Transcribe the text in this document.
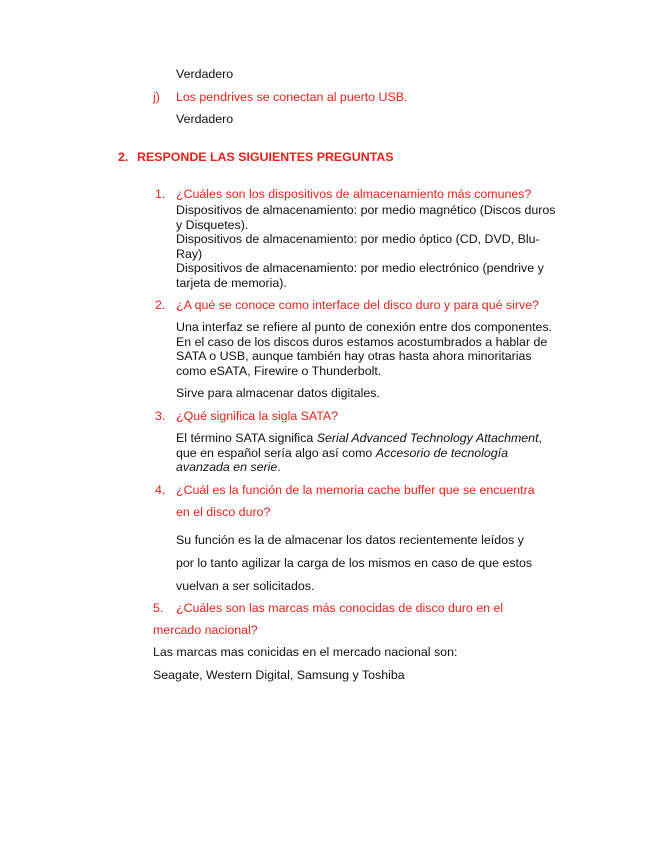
Verdadero
j) Los pendrives se conectan al puerto USB.
Verdadero
2. RESPONDE LAS SIGUIENTES PREGUNTAS
1. ¿Cuáles son los dispositivos de almacenamiento más comunes?
Dispositivos de almacenamiento: por medio magnético (Discos duros
y Disquetes).
Dispositivos de almacenamiento: por medio óptico (CD, DVD, Blu-
Ray)
Dispositivos de almacenamiento: por medio electrónico (pendrive y
tarjeta de memoria).
2. ¿A qué se conoce como interface del disco duro y para qué sirve?
Una interfaz se refiere al punto de conexión entre dos componentes.
En el caso de los discos duros estamos acostumbrados a hablar de
SATA o USB, aunque también hay otras hasta ahora minoritarias
como eSATA, Firewire o Thunderbolt.
Sirve para almacenar datos digitales.
3. ¿Qué significa la sigla SATA?
El término SATA significa Serial Advanced Technology Attachment,
que en español sería algo así como Accesorio de tecnología
avanzada en serie.
4. ¿Cuál es la función de la memoria cache buffer que se encuentra
en el disco duro?
Su función es la de almacenar los datos recientemente leídos y
por lo tanto agilizar la carga de los mismos en caso de que estos
vuelvan a ser solicitados.
5. ¿Cuáles son las marcas más conocidas de disco duro en el
mercado nacional?
Las marcas mas conicidas en el mercado nacional son:
Seagate, Western Digital, Samsung y Toshiba
